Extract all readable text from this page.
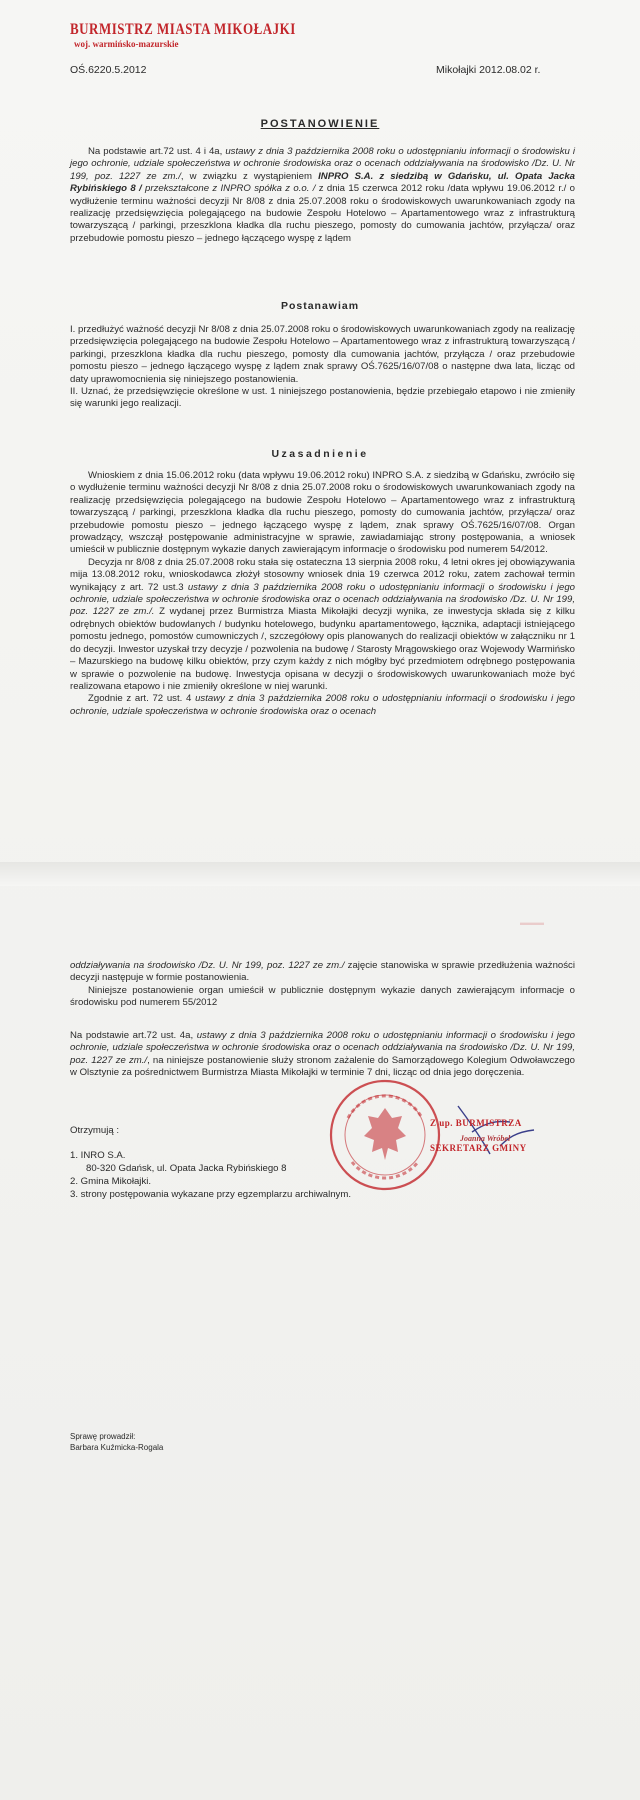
BURMISTRZ MIASTA MIKOŁAJKI
woj. warmińsko-mazurskie
OŚ.6220.5.2012	Mikołajki 2012.08.02 r.
POSTANOWIENIE

Na podstawie art.72 ust. 4 i 4a, ustawy z dnia 3 października 2008 roku o udostępnianiu informacji o środowisku i jego ochronie, udziale społeczeństwa w ochronie środowiska oraz o ocenach oddziaływania na środowisko /Dz. U. Nr 199, poz. 1227 ze zm./, w związku z wystąpieniem INPRO S.A. z siedzibą w Gdańsku, ul. Opata Jacka Rybińskiego 8 / przekształcone z INPRO spółka z o.o. / z dnia 15 czerwca 2012 roku /data wpływu 19.06.2012 r./ o wydłużenie terminu ważności decyzji Nr 8/08 z dnia 25.07.2008 roku o środowiskowych uwarunkowaniach zgody na realizację przedsięwzięcia polegającego na budowie Zespołu Hotelowo – Apartamentowego wraz z infrastrukturą towarzyszącą / parkingi, przeszklona kładka dla ruchu pieszego, pomosty do cumowania jachtów, przyłącza/ oraz przebudowie pomostu pieszo – jednego łączącego wyspę z lądem

Postanawiam

I. przedłużyć ważność decyzji Nr 8/08 z dnia 25.07.2008 roku o środowiskowych uwarunkowaniach zgody na realizację przedsięwzięcia polegającego na budowie Zespołu Hotelowo – Apartamentowego wraz z infrastrukturą towarzyszącą / parkingi, przeszklona kładka dla ruchu pieszego, pomosty dla cumowania jachtów, przyłącza / oraz przebudowie pomostu pieszo – jednego łączącego wyspę z lądem znak sprawy OŚ.7625/16/07/08 o następne dwa lata, licząc od daty uprawomocnienia się niniejszego postanowienia.

II. Uznać, że przedsięwzięcie określone w ust. 1 niniejszego postanowienia, będzie przebiegało etapowo i nie zmieniły się warunki jego realizacji.

Uzasadnienie

Wnioskiem z dnia 15.06.2012 roku (data wpływu 19.06.2012 roku) INPRO S.A. z siedzibą w Gdańsku, zwróciło się o wydłużenie terminu ważności decyzji Nr 8/08 z dnia 25.07.2008 roku o środowiskowych uwarunkowaniach zgody na realizację przedsięwzięcia polegającego na budowie Zespołu Hotelowo – Apartamentowego wraz z infrastrukturą towarzyszącą / parkingi, przeszklona kładka dla ruchu pieszego, pomosty do cumowania jachtów, przyłącza/ oraz przebudowie pomostu pieszo – jednego łączącego wyspę z lądem, znak sprawy OŚ.7625/16/07/08. Organ prowadzący, wszczął postępowanie administracyjne w sprawie, zawiadamiając strony postępowania, a wniosek umieścił w publicznie dostępnym wykazie danych zawierającym informacje o środowisku pod numerem 54/2012.

Decyzja nr 8/08 z dnia 25.07.2008 roku stała się ostateczna 13 sierpnia 2008 roku, 4 letni okres jej obowiązywania mija 13.08.2012 roku, wnioskodawca złożył stosowny wniosek dnia 19 czerwca 2012 roku, zatem zachował termin wynikający z art. 72 ust.3 ustawy z dnia 3 października 2008 roku o udostępnianiu informacji o środowisku i jego ochronie, udziale społeczeństwa w ochronie środowiska oraz o ocenach oddziaływania na środowisko /Dz. U. Nr 199, poz. 1227 ze zm./. Z wydanej przez Burmistrza Miasta Mikołajki decyzji wynika, ze inwestycja składa się z kilku odrębnych obiektów budowlanych / budynku hotelowego, budynku apartamentowego, łącznika, adaptacji istniejącego pomostu jednego, pomostów cumowniczych /, szczegółowy opis planowanych do realizacji obiektów w załączniku nr 1 do decyzji. Inwestor uzyskał trzy decyzje / pozwolenia na budowę / Starosty Mrągowskiego oraz Wojewody Warmińsko – Mazurskiego na budowę kilku obiektów, przy czym każdy z nich mógłby być przedmiotem odrębnego postępowania w sprawie o pozwolenie na budowę. Inwestycja opisana w decyzji o środowiskowych uwarunkowaniach może być realizowana etapowo i nie zmieniły określone w niej warunki.

Zgodnie z art. 72 ust. 4 ustawy z dnia 3 października 2008 roku o udostępnianiu informacji o środowisku i jego ochronie, udziale społeczeństwa w ochronie środowiska oraz o ocenach

▬▬▬

oddziaływania na środowisko /Dz. U. Nr 199, poz. 1227 ze zm./ zajęcie stanowiska w sprawie przedłużenia ważności decyzji następuje w formie postanowienia.

Niniejsze postanowienie organ umieścił w publicznie dostępnym wykazie danych zawierającym informacje o środowisku pod numerem 55/2012

Na podstawie art.72 ust. 4a, ustawy z dnia 3 października 2008 roku o udostępnianiu informacji o środowisku i jego ochronie, udziale społeczeństwa w ochronie środowiska oraz o ocenach oddziaływania na środowisko /Dz. U. Nr 199, poz. 1227 ze zm./, na niniejsze postanowienie służy stronom zażalenie do Samorządowego Kolegium Odwoławczego w Olsztynie za pośrednictwem Burmistrza Miasta Mikołajki w terminie 7 dni, licząc od dnia jego doręczenia.

Z up. BURMISTRZA
Joanna Wróbel
SEKRETARZ GMINY

Otrzymują :

1. INRO S.A.

80-320 Gdańsk, ul. Opata Jacka Rybińskiego 8

2. Gmina Mikołajki.

3. strony postępowania wykazane przy egzemplarzu archiwalnym.

Sprawę prowadził:

Barbara Kuźmicka-Rogala
